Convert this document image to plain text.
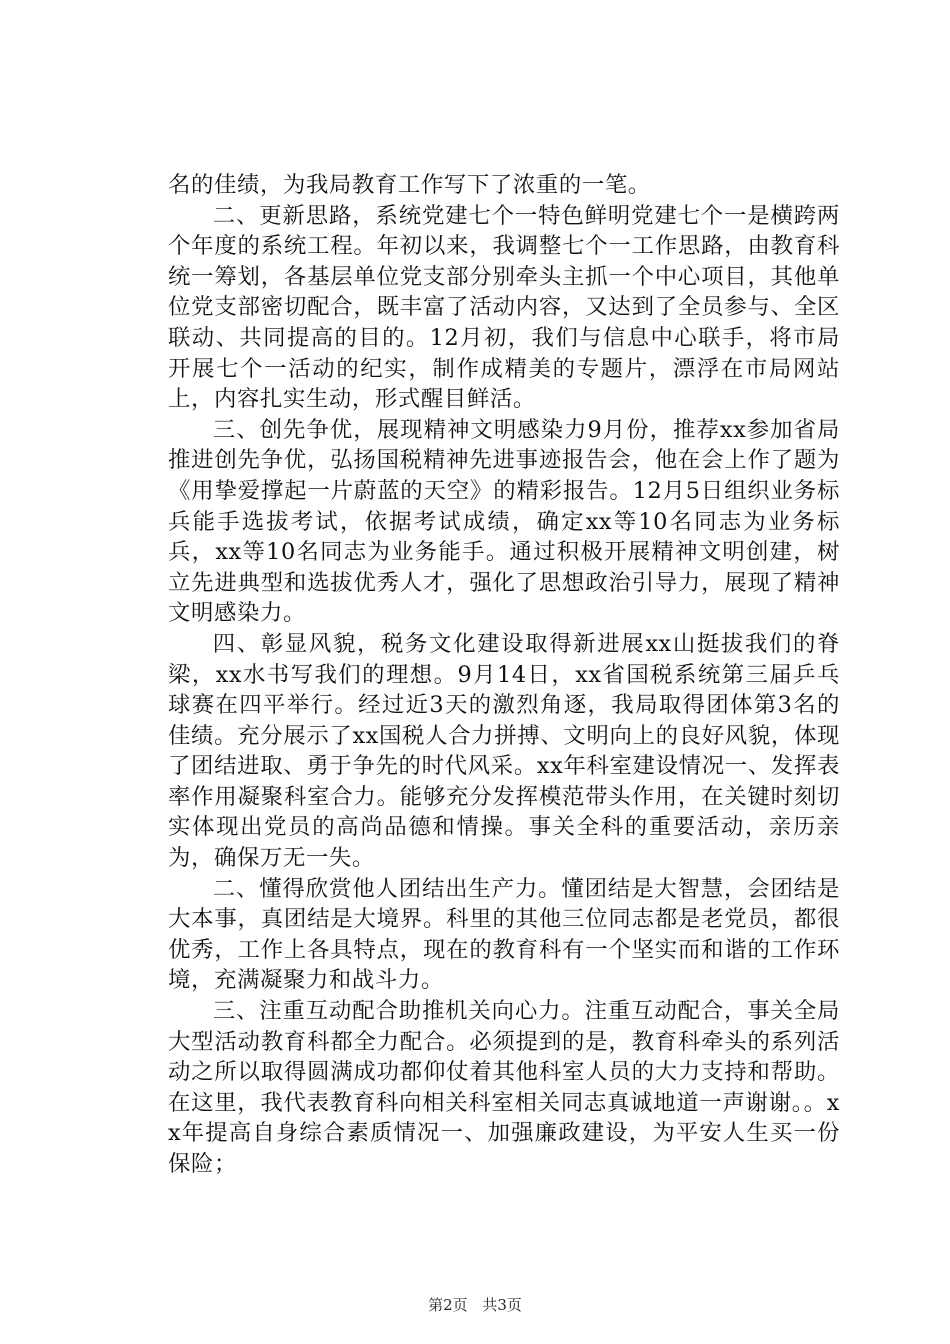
名的佳绩，为我局教育工作写下了浓重的一笔。

二、更新思路，系统党建七个一特色鲜明党建七个一是横跨两个年度的系统工程。年初以来，我调整七个一工作思路，由教育科统一筹划，各基层单位党支部分别牵头主抓一个中心项目，其他单位党支部密切配合，既丰富了活动内容，又达到了全员参与、全区联动、共同提高的目的。12月初，我们与信息中心联手，将市局开展七个一活动的纪实，制作成精美的专题片，漂浮在市局网站上，内容扎实生动，形式醒目鲜活。

三、创先争优，展现精神文明感染力9月份，推荐xx参加省局推进创先争优，弘扬国税精神先进事迹报告会，他在会上作了题为《用挚爱撑起一片蔚蓝的天空》的精彩报告。12月5日组织业务标兵能手选拔考试，依据考试成绩，确定xx等10名同志为业务标兵，xx等10名同志为业务能手。通过积极开展精神文明创建，树立先进典型和选拔优秀人才，强化了思想政治引导力，展现了精神文明感染力。

四、彰显风貌，税务文化建设取得新进展xx山挺拔我们的脊梁，xx水书写我们的理想。9月14日，xx省国税系统第三届乒乓球赛在四平举行。经过近3天的激烈角逐，我局取得团体第3名的佳绩。充分展示了xx国税人合力拼搏、文明向上的良好风貌，体现了团结进取、勇于争先的时代风采。xx年科室建设情况一、发挥表率作用凝聚科室合力。能够充分发挥模范带头作用，在关键时刻切实体现出党员的高尚品德和情操。事关全科的重要活动，亲历亲为，确保万无一失。

二、懂得欣赏他人团结出生产力。懂团结是大智慧，会团结是大本事，真团结是大境界。科里的其他三位同志都是老党员，都很优秀，工作上各具特点，现在的教育科有一个坚实而和谐的工作环境，充满凝聚力和战斗力。

三、注重互动配合助推机关向心力。注重互动配合，事关全局大型活动教育科都全力配合。必须提到的是，教育科牵头的系列活动之所以取得圆满成功都仰仗着其他科室人员的大力支持和帮助。在这里，我代表教育科向相关科室相关同志真诚地道一声谢谢。。xx年提高自身综合素质情况一、加强廉政建设，为平安人生买一份保险；

第2页 共3页
